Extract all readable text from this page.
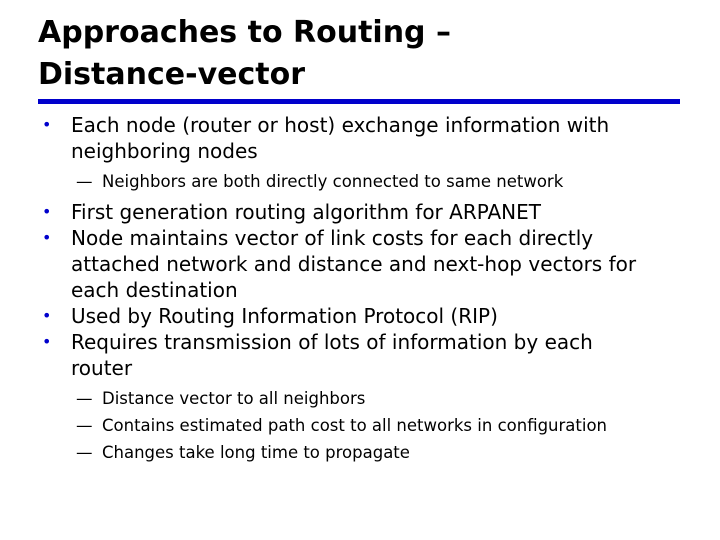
Approaches to Routing –
Distance-vector
• Each node (router or host) exchange information with
neighboring nodes
— Neighbors are both directly connected to same network
• First generation routing algorithm for ARPANET
• Node maintains vector of link costs for each directly
attached network and distance and next-hop vectors for
each destination
• Used by Routing Information Protocol (RIP)
• Requires transmission of lots of information by each
router
— Distance vector to all neighbors
— Contains estimated path cost to all networks in configuration
— Changes take long time to propagate
